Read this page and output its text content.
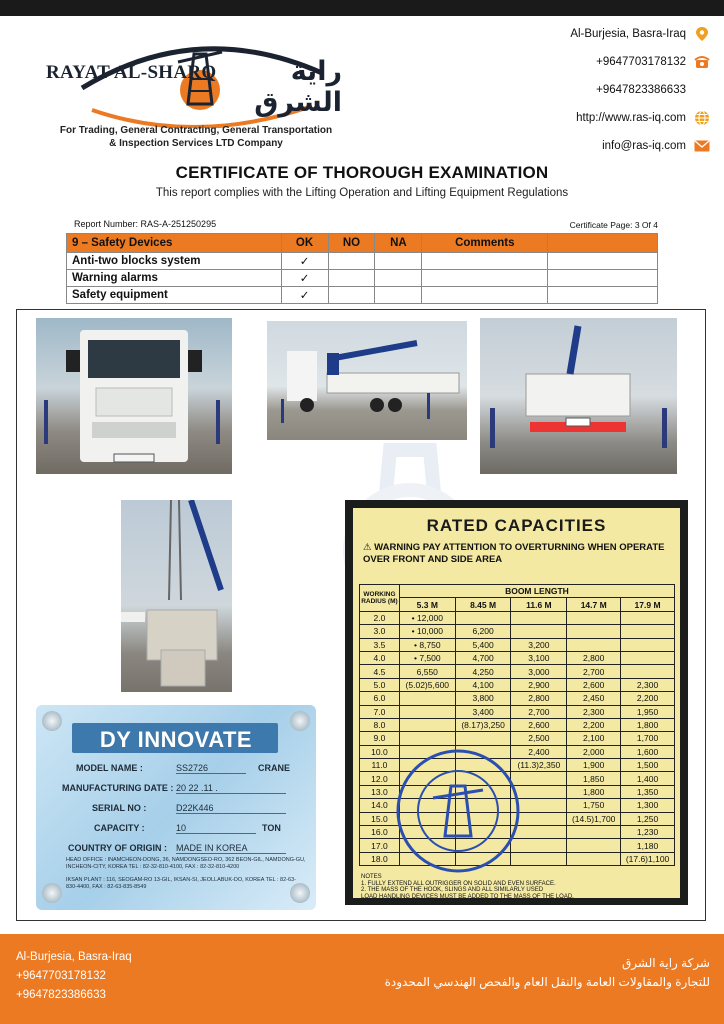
RAYAT AL-SHARQ	راية الشرق
For Trading, General Contracting, General Transportation
& Inspection Services LTD Company
Al-Burjesia, Basra-Iraq
+9647703178132
+9647823386633
http://www.ras-iq.com
info@ras-iq.com
CERTIFICATE OF THOROUGH EXAMINATION
This report complies with the Lifting Operation and Lifting Equipment Regulations
Report Number: RAS-A-251250295	Certificate Page: 3 Of 4
9 – Safety Devices	OK	NO	NA	Comments	
Anti-two blocks system	✓				
Warning alarms	✓				
Safety equipment	✓				
DY INNOVATE
MODEL NAME :	SS2726	CRANE
MANUFACTURING DATE : 20 22 .11 .
SERIAL NO :	D22K446
CAPACITY :	10	TON
COUNTRY OF ORIGIN : MADE IN KOREA
HEAD OFFICE : INAMCHEON-DONG, 36, NAMDONGSEO-RO, 362 BEON-GIL, NAMDONG-GU, INCHEON-CITY, KOREA TEL : 82-32-810-4100, FAX : 82-32-810-4200
IKSAN PLANT : 116, SEOGAM-RO 13-GIL, IKSAN-SI, JEOLLABUK-DO, KOREA TEL : 82-63-830-4400, FAX : 82-63-835-8549
RATED CAPACITIES
⚠ WARNING PAY ATTENTION TO OVERTURNING WHEN OPERATE OVER FRONT AND SIDE AREA
WORKING RADIUS (M)	BOOM LENGTH				
	5.3 M	8.45 M	11.6 M	14.7 M	17.9 M
2.0	• 12,000				
3.0	• 10,000	6,200			
3.5	• 8,750	5,400	3,200		
4.0	• 7,500	4,700	3,100	2,800	
4.5	6,550	4,250	3,000	2,700	
5.0	(5.02)5,600	4,100	2,900	2,600	2,300
6.0		3,800	2,800	2,450	2,200
7.0		3,400	2,700	2,300	1,950
8.0		(8.17)3,250	2,600	2,200	1,800
9.0			2,500	2,100	1,700
10.0			2,400	2,000	1,600
11.0			(11.3)2,350	1,900	1,500
12.0				1,850	1,400
13.0				1,800	1,350
14.0				1,750	1,300
15.0				(14.5)1,700	1,250
16.0					1,230
17.0					1,180
18.0					(17.6)1,100
NOTES
1. FULLY EXTEND ALL OUTRIGGER ON SOLID AND EVEN SURFACE.
2. THE MASS OF THE HOOK, SLINGS AND ALL SIMILARLY USED
LOAD HANDLING DEVICES MUST BE ADDED TO THE MASS OF THE LOAD.
Al-Burjesia, Basra-Iraq
+9647703178132
+9647823386633
شركة راية الشرق
للتجارة والمقاولات العامة والنقل العام والفحص الهندسي المحدودة
